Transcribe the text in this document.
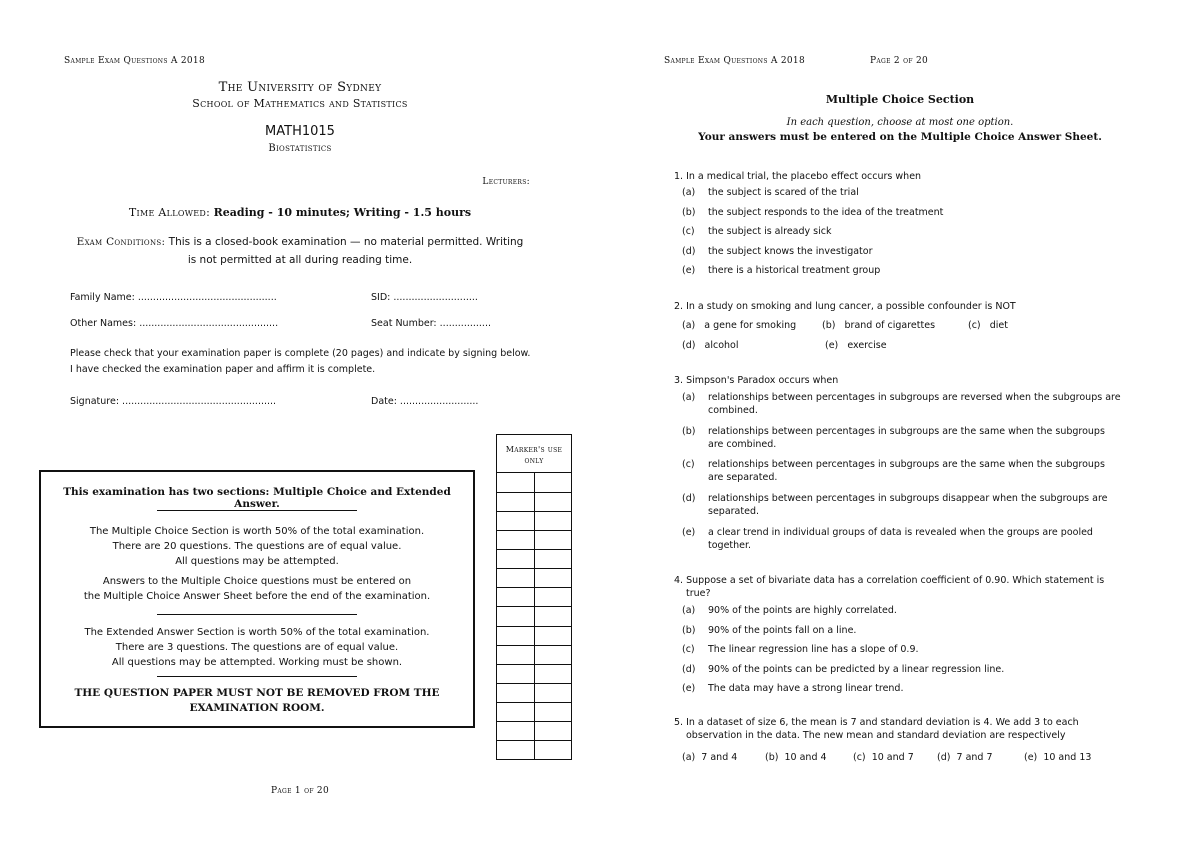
Sample Exam Questions A 2018
The University of Sydney
School of Mathematics and Statistics
MATH1015
Biostatistics
Lecturers:
Time Allowed: Reading - 10 minutes; Writing - 1.5 hours
Exam Conditions: This is a closed-book examination — no material permitted. Writing
is not permitted at all during reading time.
Family Name: ..............................................	SID: ............................
Other Names: ..............................................	Seat Number: .................
Please check that your examination paper is complete (20 pages) and indicate by signing below.
I have checked the examination paper and affirm it is complete.
Signature: ...................................................	Date: ..........................
This examination has two sections: Multiple Choice and Extended Answer.
The Multiple Choice Section is worth 50% of the total examination.
There are 20 questions. The questions are of equal value.
All questions may be attempted.
Answers to the Multiple Choice questions must be entered on
the Multiple Choice Answer Sheet before the end of the examination.
The Extended Answer Section is worth 50% of the total examination.
There are 3 questions. The questions are of equal value.
All questions may be attempted. Working must be shown.
THE QUESTION PAPER MUST NOT BE REMOVED FROM THE
EXAMINATION ROOM.
Marker's use
only
Page 1 of 20
Sample Exam Questions A 2018	Page 2 of 20
Multiple Choice Section
In each question, choose at most one option.
Your answers must be entered on the Multiple Choice Answer Sheet.
1. In a medical trial, the placebo effect occurs when
(a) the subject is scared of the trial
(b) the subject responds to the idea of the treatment
(c) the subject is already sick
(d) the subject knows the investigator
(e) there is a historical treatment group
2. In a study on smoking and lung cancer, a possible confounder is NOT
(a) a gene for smoking	(b) brand of cigarettes	(c) diet
(d) alcohol	(e) exercise
3. Simpson's Paradox occurs when
(a) relationships between percentages in subgroups are reversed when the subgroups are
combined.
(b) relationships between percentages in subgroups are the same when the subgroups
are combined.
(c) relationships between percentages in subgroups are the same when the subgroups
are separated.
(d) relationships between percentages in subgroups disappear when the subgroups are
separated.
(e) a clear trend in individual groups of data is revealed when the groups are pooled
together.
4. Suppose a set of bivariate data has a correlation coefficient of 0.90. Which statement is
true?
(a) 90% of the points are highly correlated.
(b) 90% of the points fall on a line.
(c) The linear regression line has a slope of 0.9.
(d) 90% of the points can be predicted by a linear regression line.
(e) The data may have a strong linear trend.
5. In a dataset of size 6, the mean is 7 and standard deviation is 4. We add 3 to each
observation in the data. The new mean and standard deviation are respectively
(a) 7 and 4	(b) 10 and 4	(c) 10 and 7 (d) 7 and 7	(e) 10 and 13
